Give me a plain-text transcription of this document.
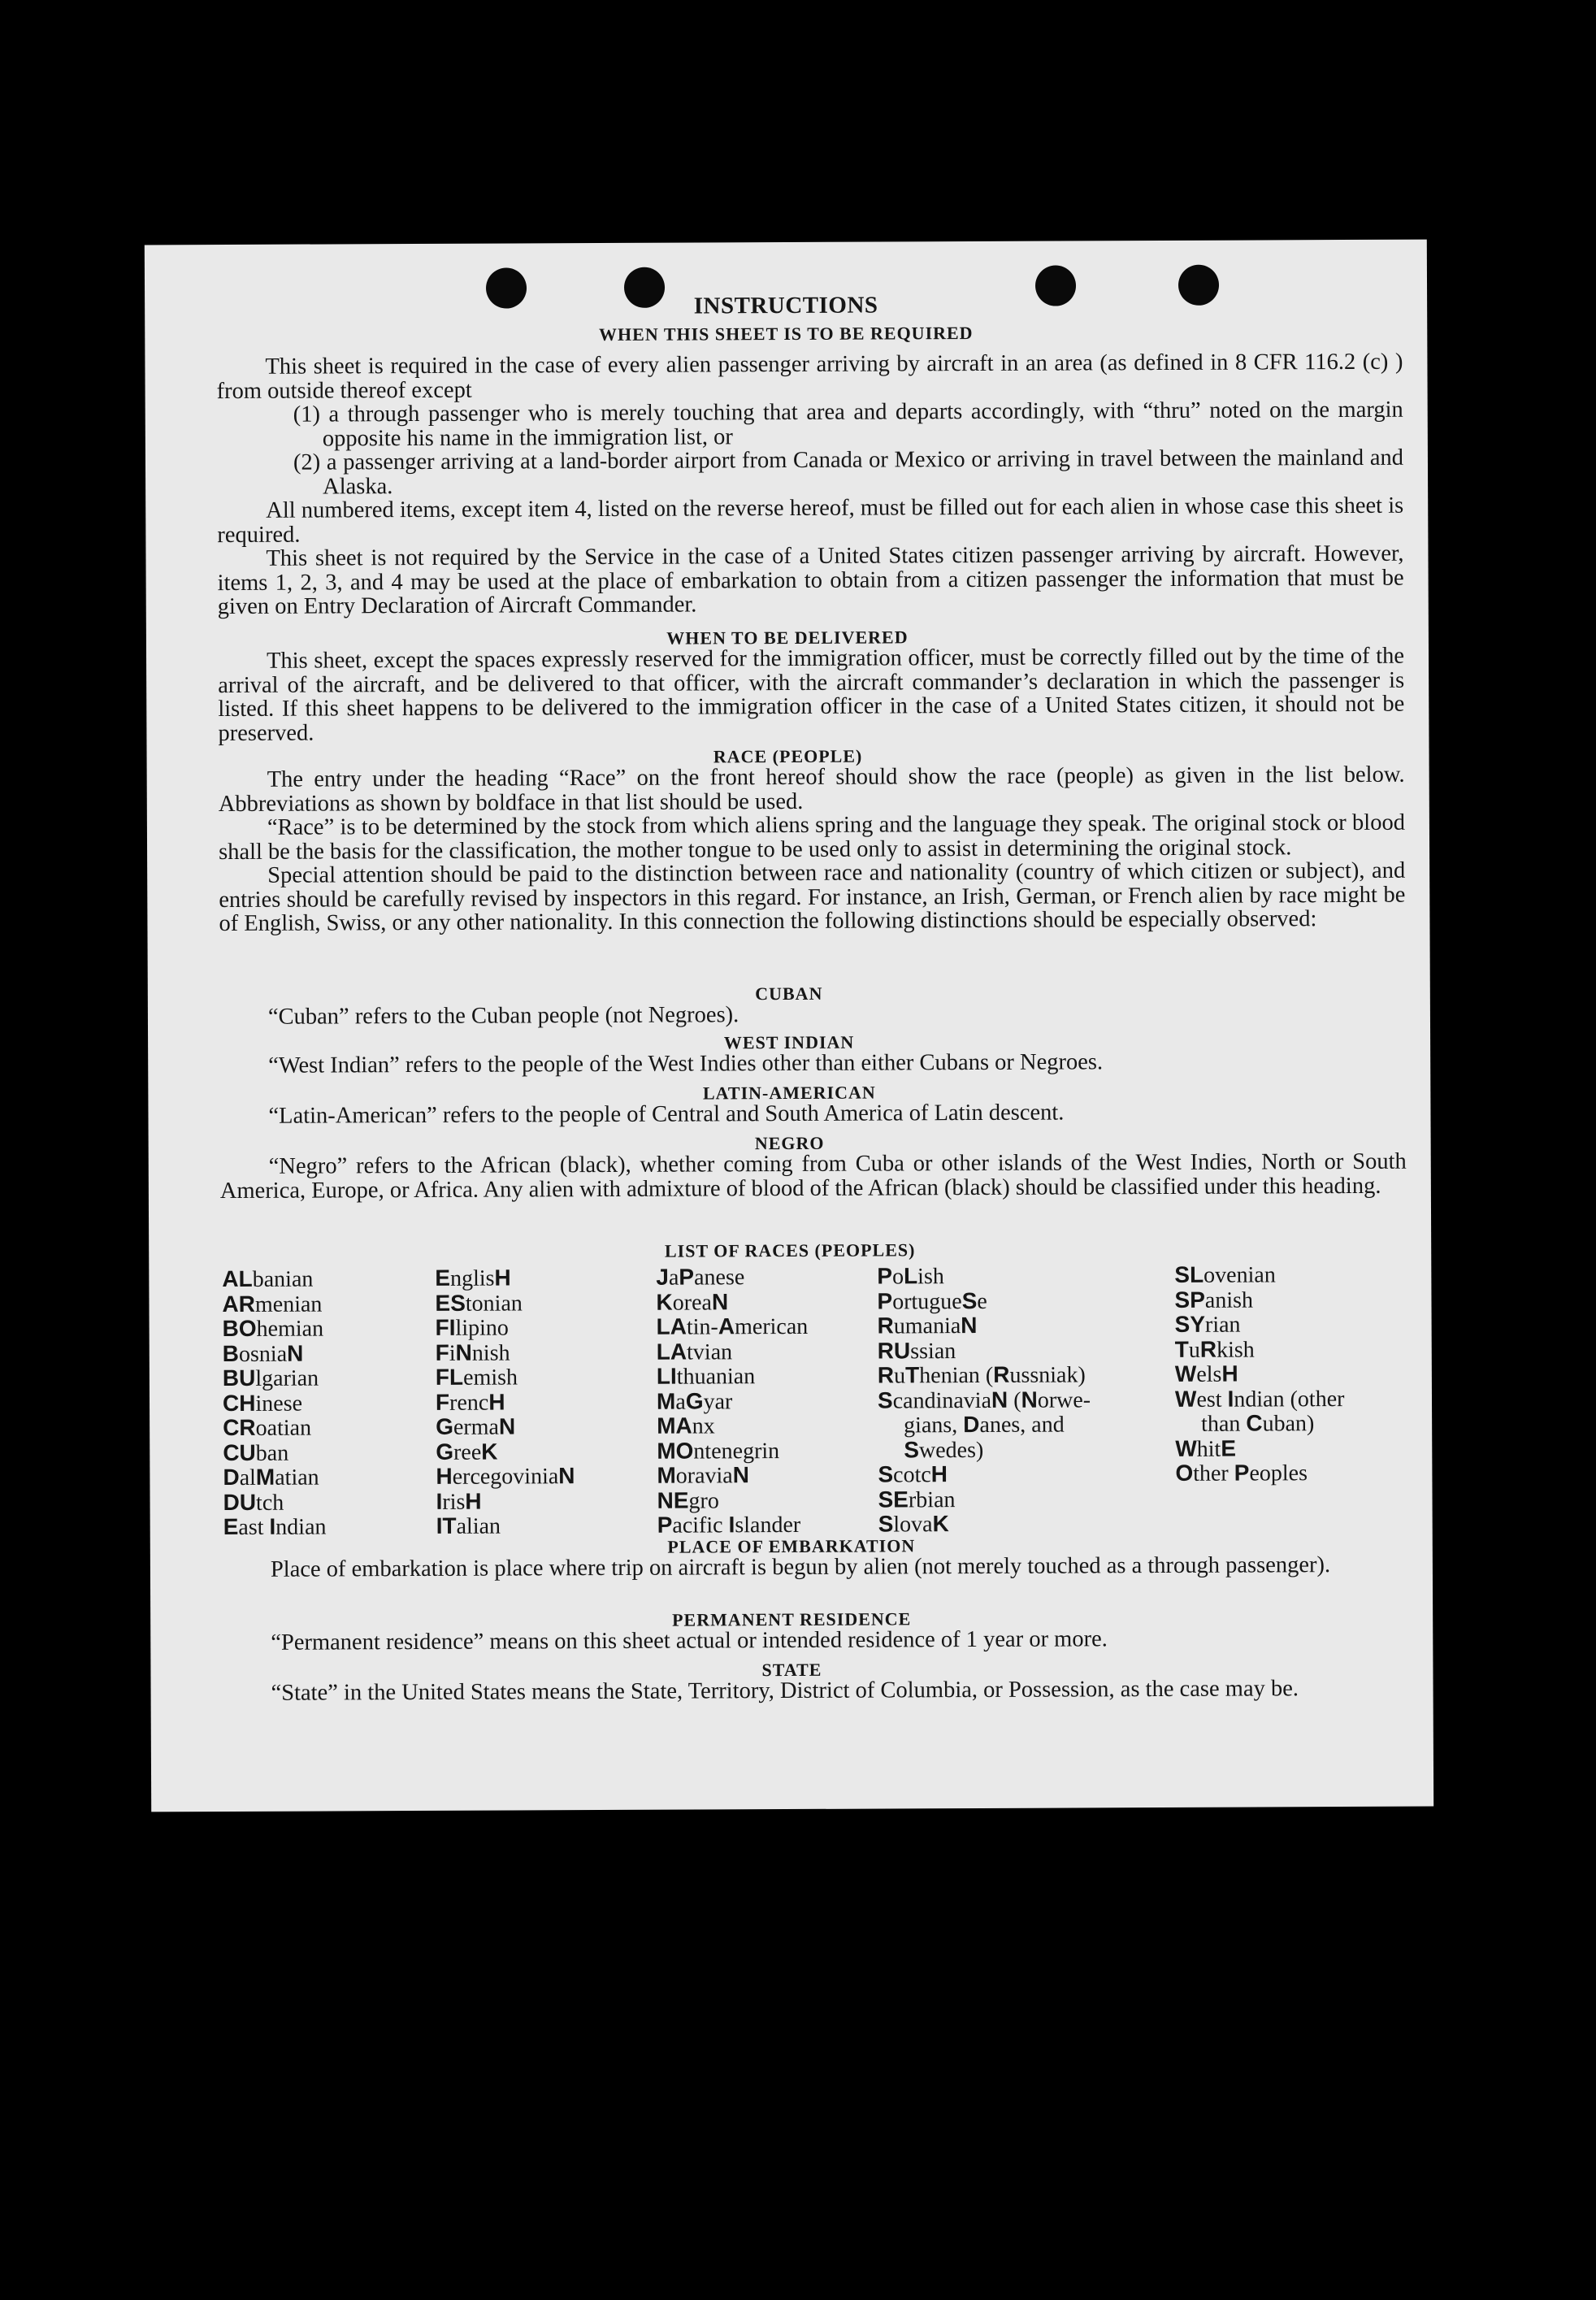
INSTRUCTIONS
WHEN THIS SHEET IS TO BE REQUIRED
This sheet is required in the case of every alien passenger arriving by aircraft in an area (as defined in 8 CFR 116.2 (c) ) from outside thereof except
(1) a through passenger who is merely touching that area and departs accordingly, with “thru” noted on the margin opposite his name in the immigration list, or
(2) a passenger arriving at a land-border airport from Canada or Mexico or arriving in travel between the mainland and Alaska.
All numbered items, except item 4, listed on the reverse hereof, must be filled out for each alien in whose case this sheet is required.
This sheet is not required by the Service in the case of a United States citizen passenger arriving by aircraft. However, items 1, 2, 3, and 4 may be used at the place of embarkation to obtain from a citizen passenger the information that must be given on Entry Declaration of Aircraft Commander.
WHEN TO BE DELIVERED
This sheet, except the spaces expressly reserved for the immigration officer, must be correctly filled out by the time of the arrival of the aircraft, and be delivered to that officer, with the aircraft commander’s declaration in which the passenger is listed. If this sheet happens to be delivered to the immigration officer in the case of a United States citizen, it should not be preserved.
RACE (PEOPLE)
The entry under the heading “Race” on the front hereof should show the race (people) as given in the list below. Abbreviations as shown by boldface in that list should be used.
“Race” is to be determined by the stock from which aliens spring and the language they speak. The original stock or blood shall be the basis for the classification, the mother tongue to be used only to assist in determining the original stock.
Special attention should be paid to the distinction between race and nationality (country of which citizen or subject), and entries should be carefully revised by inspectors in this regard. For instance, an Irish, German, or French alien by race might be of English, Swiss, or any other nationality. In this connection the following distinctions should be especially observed:
CUBAN
“Cuban” refers to the Cuban people (not Negroes).
WEST INDIAN
“West Indian” refers to the people of the West Indies other than either Cubans or Negroes.
LATIN-AMERICAN
“Latin-American” refers to the people of Central and South America of Latin descent.
NEGRO
“Negro” refers to the African (black), whether coming from Cuba or other islands of the West Indies, North or South America, Europe, or Africa. Any alien with admixture of blood of the African (black) should be classified under this heading.
LIST OF RACES (PEOPLES)
ALbanian
ARmenian
BOhemian
BosniaN
BUlgarian
CHinese
CRoatian
CUban
DalMatian
DUtch
East Indian
EnglisH
EStonian
FIlipino
FiNnish
FLemish
FrencH
GermaN
GreeK
HercegovinіaN
IrisH
ITalian
JaPanese
KoreaN
LAtin-American
LAtvian
LIthuanian
MaGyar
MAnx
MOntenegrin
MoraviaN
NEgro
Pacific Islander
PoLish
PortugueSe
RumaniaN
RUssian
RuThenian (Russniak)
ScandinaviaN (Norwe-
gians, Danes, and
Swedes)
ScotcH
SErbian
SlovaK
SLovenian
SPanish
SYrian
TuRkish
WelsH
West Indian (other
than Cuban)
WhitE
Other Peoples
PLACE OF EMBARKATION
Place of embarkation is place where trip on aircraft is begun by alien (not merely touched as a through passenger).
PERMANENT RESIDENCE
“Permanent residence” means on this sheet actual or intended residence of 1 year or more.
STATE
“State” in the United States means the State, Territory, District of Columbia, or Possession, as the case may be.
